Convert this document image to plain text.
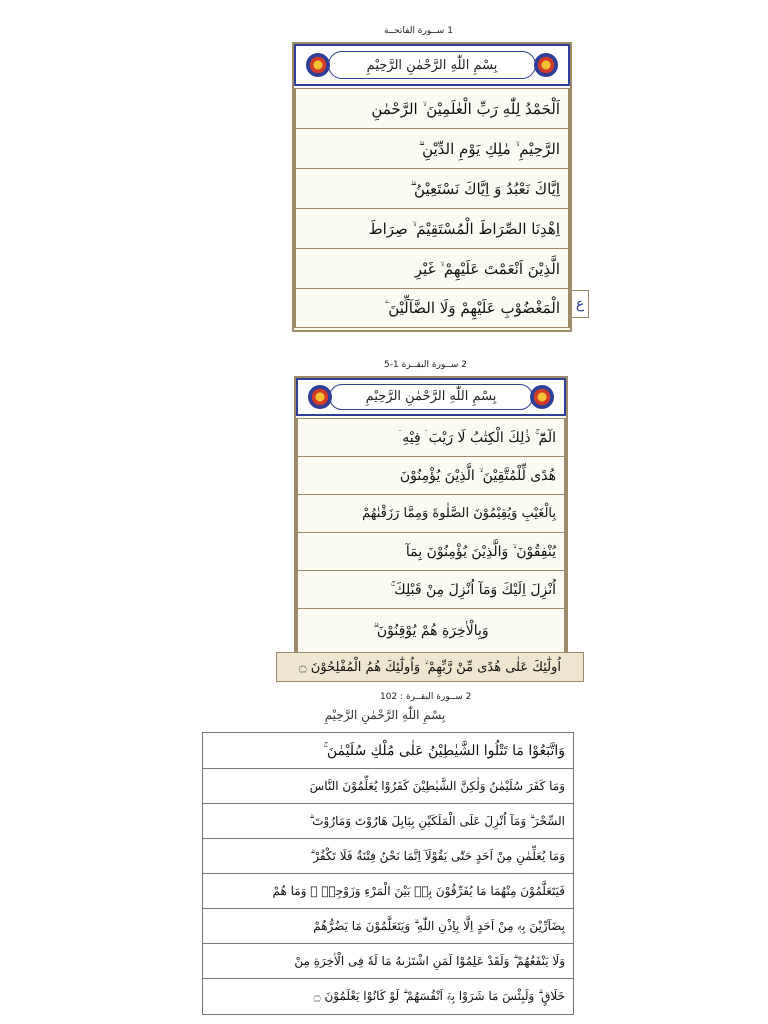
1 ســورة الفاتحــة
بِسْمِ اللّٰهِ الرَّحْمٰنِ الرَّحِيْمِ
اَلْحَمْدُ لِلّٰهِ رَبِّ الْعٰلَمِيْنَ ۙ الرَّحْمٰنِ
الرَّحِيْمِ ۙ مٰلِكِ يَوْمِ الدِّيْنِ ۗ
اِيَّاكَ نَعْبُدُ وَ اِيَّاكَ نَسْتَعِيْنُ ۗ
اِهْدِنَا الصِّرَاطَ الْمُسْتَقِيْمَ ۙ صِرَاطَ
الَّذِيْنَ اَنْعَمْتَ عَلَيْهِمْ ۙ غَيْرِ
الْمَغْضُوْبِ عَلَيْهِمْ وَلَا الضَّآلِّيْنَ ۧ	ع
2 ســورة البقــرة 1-5
بِسْمِ اللّٰهِ الرَّحْمٰنِ الرَّحِيْمِ
الٓمّٓ ۚ ذٰلِكَ الْكِتٰبُ لَا رَيْبَ ۛ فِيْهِ ۛ
هُدًى لِّلْمُتَّقِيْنَ ۙ الَّذِيْنَ يُؤْمِنُوْنَ
بِالْغَيْبِ وَيُقِيْمُوْنَ الصَّلٰوةَ وَمِمَّا رَزَقْنٰهُمْ
يُنْفِقُوْنَ ۙ وَالَّذِيْنَ يُؤْمِنُوْنَ بِمَآ
اُنْزِلَ اِلَيْكَ وَمَآ اُنْزِلَ مِنْ قَبْلِكَ ۚ
وَبِالْاٰخِرَةِ هُمْ يُوْقِنُوْنَ ۗ
اُولٰٓئِكَ عَلٰى هُدًى مِّنْ رَّبِّهِمْ ۙ وَاُولٰٓئِكَ هُمُ الْمُفْلِحُوْنَ ۝
2 ســورة البقــرة : 102
بِسْمِ اللّٰهِ الرَّحْمٰنِ الرَّحِيْمِ
وَاتَّبَعُوْا مَا تَتْلُوا الشَّيٰطِيْنُ عَلٰى مُلْكِ سُلَيْمٰنَ ۚ
وَمَا كَفَرَ سُلَيْمٰنُ وَلٰكِنَّ الشَّيٰطِيْنَ كَفَرُوْا يُعَلِّمُوْنَ النَّاسَ
السِّحْرَ ۗ وَمَآ اُنْزِلَ عَلَى الْمَلَكَيْنِ بِبَابِلَ هَارُوْتَ وَمَارُوْتَ ۗ
وَمَا يُعَلِّمٰنِ مِنْ اَحَدٍ حَتّٰى يَقُوْلَآ اِنَّمَا نَحْنُ فِتْنَةٌ فَلَا تَكْفُرْ ۗ
فَيَتَعَلَّمُوْنَ مِنْهُمَا مَا يُفَرِّقُوْنَ بِهٖ بَيْنَ الْمَرْءِ وَزَوْجِهٖ ۗ وَمَا هُمْ
بِضَآرِّيْنَ بِهٖ مِنْ اَحَدٍ اِلَّا بِاِذْنِ اللّٰهِ ۗ وَيَتَعَلَّمُوْنَ مَا يَضُرُّهُمْ
وَلَا يَنْفَعُهُمْ ۗ وَلَقَدْ عَلِمُوْا لَمَنِ اشْتَرٰىهُ مَا لَهٗ فِى الْاٰخِرَةِ مِنْ
خَلَاقٍ ۗ وَلَبِئْسَ مَا شَرَوْا بِهٖٓ اَنْفُسَهُمْ ۗ لَوْ كَانُوْا يَعْلَمُوْنَ ۝
